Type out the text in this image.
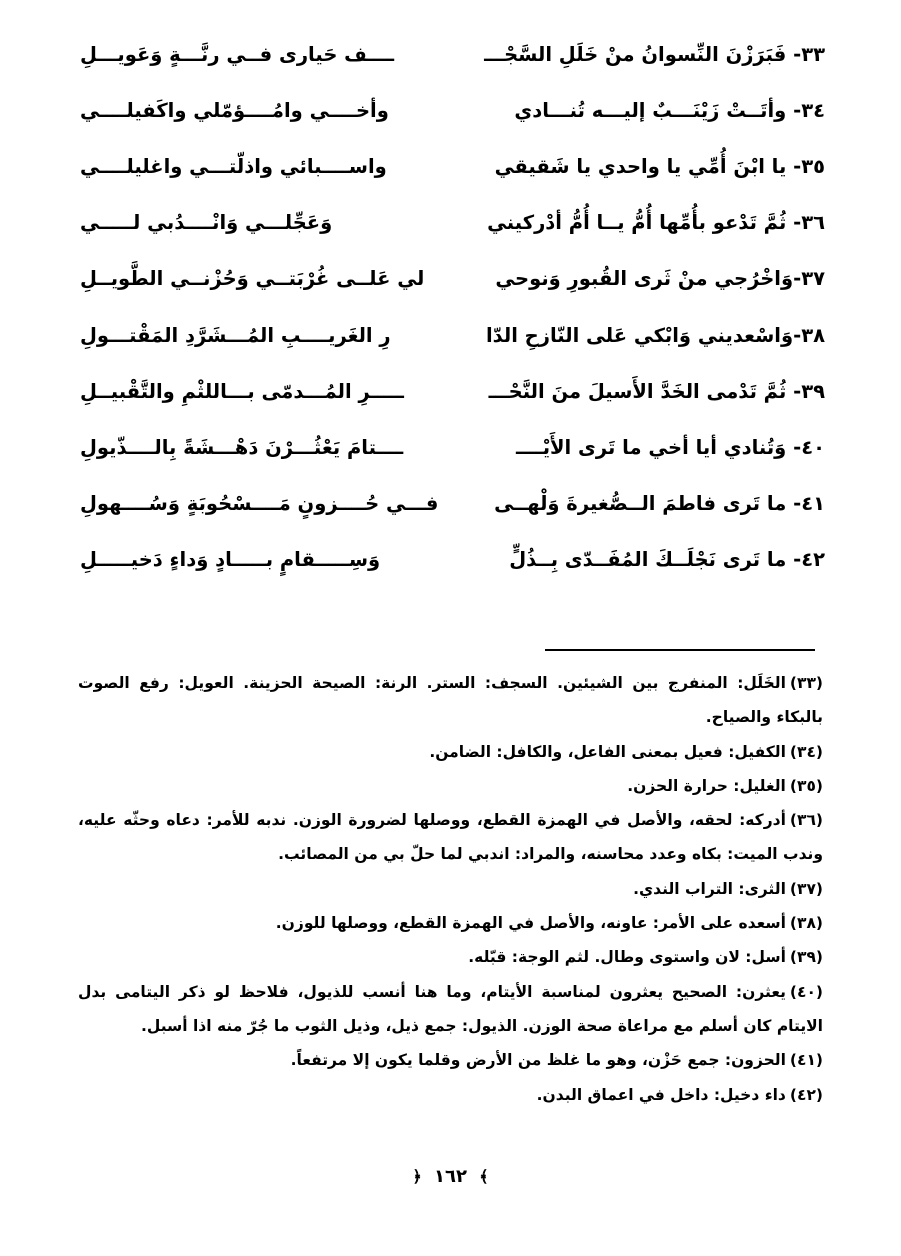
٣٣- فَبَرَزْنَ النِّسوانُ منْ خَلَلِ السَّجْـــ
ــــف حَيارى فــي رنَّـــةٍ وَعَويـــلِ
٣٤- وأتَــتْ زَيْنَـــبٌ إليـــه تُنـــادي
وأخــــي وامُــــؤمّلي واكَفيلــــي
٣٥- يا ابْنَ أُمِّي يا واحدي يا شَقيقي
واســــبائي واذلّتـــي واغليلــــي
٣٦- ثُمَّ تَدْعو بأُمِّها أُمُّ يــا أُمُّ أدْركيني
وَعَجِّلـــي وَانْــــدُبي لـــــي
٣٧-وَاخْرُجي منْ ثَرى القُبورِ وَنوحي
لي عَلــى غُرْبَتــي وَحُزْنــي الطَّويــلِ
٣٨-وَاسْعديني وَابْكي عَلى النّازحِ الدّا
رِ الغَريــــبِ المُـــشَرَّدِ المَقْتـــولِ
٣٩- ثُمَّ تَدْمى الخَدَّ الأَسيلَ منَ النَّحْـــ
ـــــرِ المُـــدمّى بـــاللثْمِ والتَّقْبيــلِ
٤٠- وَتُنادي أيا أخي ما تَرى الأَيْــــ
ــــتامَ يَعْثُـــرْنَ دَهْـــشَةً بِالــــذّيولِ
٤١- ما تَرى فاطمَ الــصُّغيرةَ وَلْهــى
فـــي حُــــزونٍ مَــــسْحُوبَةٍ وَسُــــهولِ
٤٢- ما تَرى نَجْلَــكَ المُفَــدّى بِــذُلٍّ
وَسِـــــقامٍ بـــــادٍ وَداءٍ دَخيـــــلِ
(٣٣)الخَلَل: المنفرج بين الشيئين. السجف: الستر. الرنة: الصيحة الحزينة. العويل: رفع الصوت بالبكاء والصياح.
(٣٤)الكفيل: فعيل بمعنى الفاعل، والكافل: الضامن.
(٣٥)الغليل: حرارة الحزن.
(٣٦)أدركه: لحقه، والأصل في الهمزة القطع، ووصلها لضرورة الوزن. ندبه للأمر: دعاه وحثّه عليه، وندب الميت: بكاه وعدد محاسنه، والمراد: اندبي لما حلّ بي من المصائب.
(٣٧)الثرى: التراب الندي.
(٣٨)أسعده على الأمر: عاونه، والأصل في الهمزة القطع، ووصلها للوزن.
(٣٩)أسل: لان واستوى وطال. لثم الوجة: قبّله.
(٤٠)يعثرن: الصحيح يعثرون لمناسبة الأيتام، وما هنا أنسب للذيول، فلاحظ لو ذكر اليتامى بدل الايتام كان أسلم مع مراعاة صحة الوزن. الذيول: جمع ذيل، وذيل الثوب ما جُرّ منه اذا أسبل.
(٤١)الحزون: جمع حَزْن، وهو ما غلظ من الأرض وقلما يكون إلا مرتفعاً.
(٤٢)داء دخيل: داخل في اعماق البدن.
﴾ ١٦٢ ﴿
